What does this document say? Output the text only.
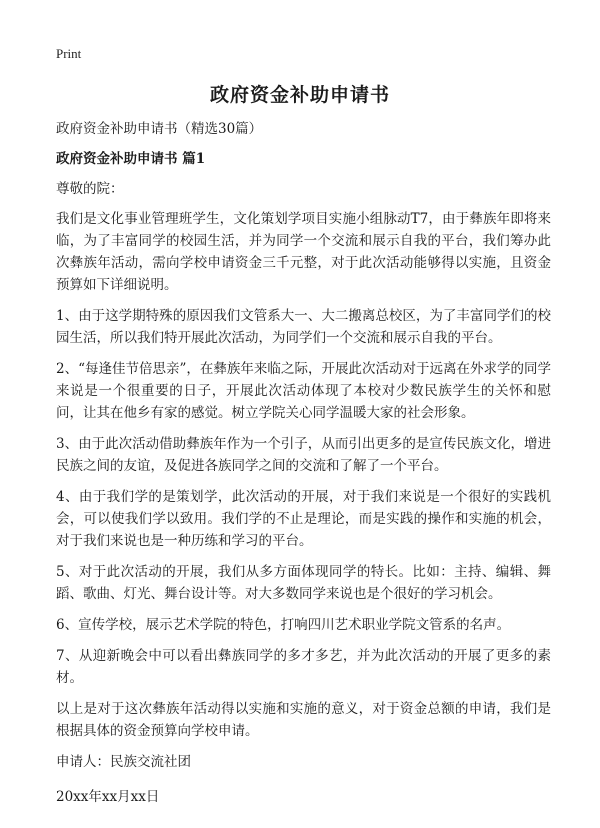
Print
政府资金补助申请书

政府资金补助申请书（精选30篇）

政府资金补助申请书 篇1

尊敬的院：

我们是文化事业管理班学生，文化策划学项目实施小组脉动T7，由于彝族年即将来临，为了丰富同学的校园生活，并为同学一个交流和展示自我的平台，我们筹办此次彝族年活动，需向学校申请资金三千元整，对于此次活动能够得以实施，且资金预算如下详细说明。

1、由于这学期特殊的原因我们文管系大一、大二搬离总校区，为了丰富同学们的校园生活，所以我们特开展此次活动，为同学们一个交流和展示自我的平台。

2、“每逢佳节倍思亲”，在彝族年来临之际，开展此次活动对于远离在外求学的同学来说是一个很重要的日子，开展此次活动体现了本校对少数民族学生的关怀和慰问，让其在他乡有家的感觉。树立学院关心同学温暖大家的社会形象。

3、由于此次活动借助彝族年作为一个引子，从而引出更多的是宣传民族文化，增进民族之间的友谊，及促进各族同学之间的交流和了解了一个平台。

4、由于我们学的是策划学，此次活动的开展，对于我们来说是一个很好的实践机会，可以使我们学以致用。我们学的不止是理论，而是实践的操作和实施的机会，对于我们来说也是一种历练和学习的平台。

5、对于此次活动的开展，我们从多方面体现同学的特长。比如：主持、编辑、舞蹈、歌曲、灯光、舞台设计等。对大多数同学来说也是个很好的学习机会。

6、宣传学校，展示艺术学院的特色，打响四川艺术职业学院文管系的名声。

7、从迎新晚会中可以看出彝族同学的多才多艺，并为此次活动的开展了更多的素材。

以上是对于这次彝族年活动得以实施和实施的意义，对于资金总额的申请，我们是根据具体的资金预算向学校申请。

申请人：民族交流社团

20xx年xx月xx日
